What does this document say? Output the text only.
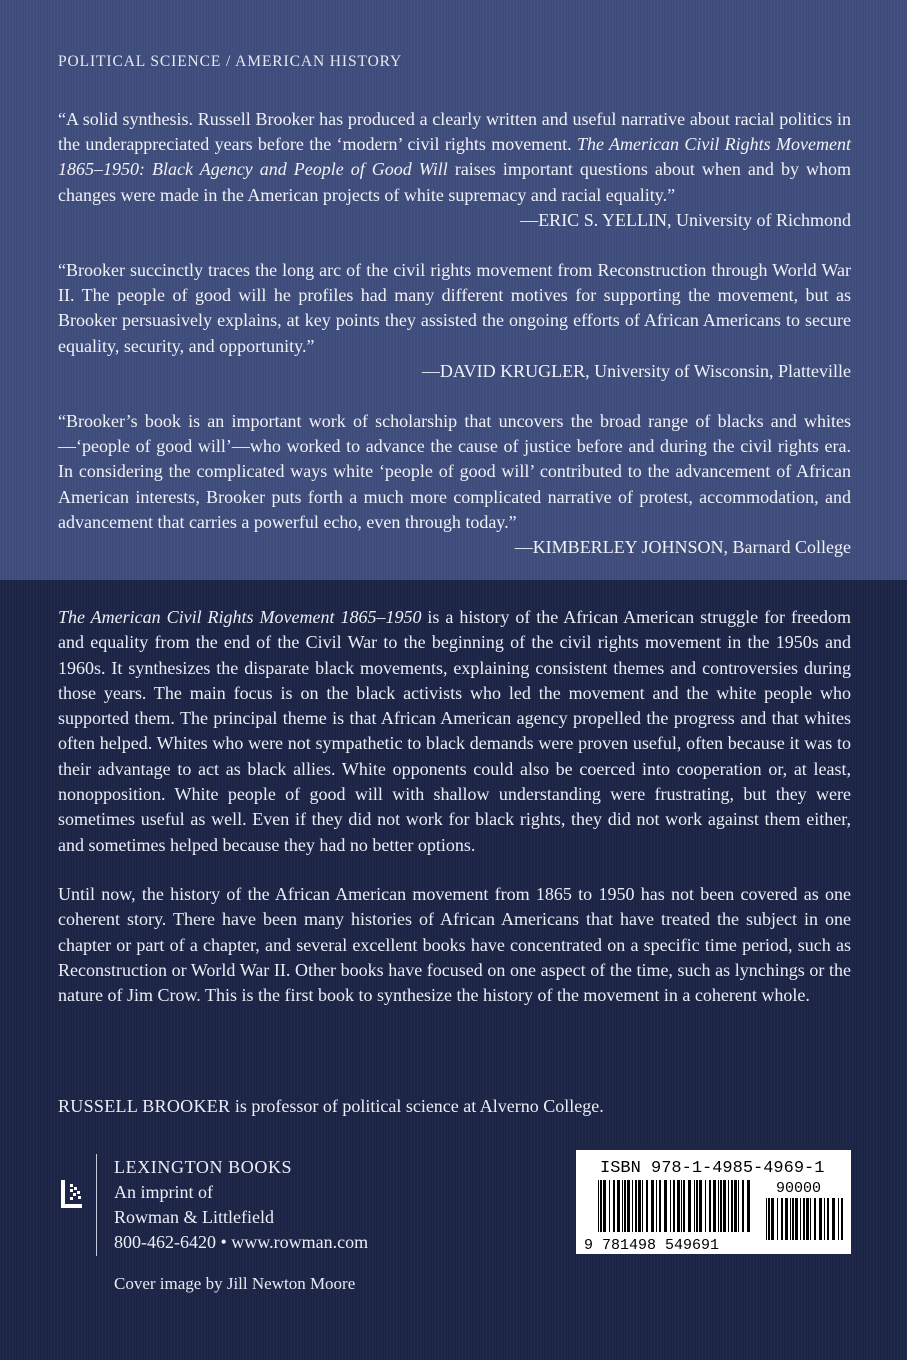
POLITICAL SCIENCE / AMERICAN HISTORY

“A solid synthesis. Russell Brooker has produced a clearly written and useful narrative about racial politics in the underappreciated years before the ‘modern’ civil rights movement. The American Civil Rights Movement 1865–1950: Black Agency and People of Good Will raises important questions about when and by whom changes were made in the American projects of white supremacy and racial equality.”

—ERIC S. YELLIN, University of Richmond

“Brooker succinctly traces the long arc of the civil rights movement from Reconstruction through World War II. The people of good will he profiles had many different motives for supporting the movement, but as Brooker persuasively explains, at key points they assisted the ongoing efforts of African Americans to secure equality, security, and opportunity.”

—DAVID KRUGLER, University of Wisconsin, Platteville

“Brooker’s book is an important work of scholarship that uncovers the broad range of blacks and whites—‘people of good will’—who worked to advance the cause of justice before and during the civil rights era. In considering the complicated ways white ‘people of good will’ contributed to the advancement of African American interests, Brooker puts forth a much more complicated narrative of protest, accommodation, and advancement that carries a powerful echo, even through today.”

—KIMBERLEY JOHNSON, Barnard College

The American Civil Rights Movement 1865–1950 is a history of the African American struggle for freedom and equality from the end of the Civil War to the beginning of the civil rights movement in the 1950s and 1960s. It synthesizes the disparate black movements, explaining consistent themes and controversies during those years. The main focus is on the black activists who led the movement and the white people who supported them. The principal theme is that African American agency propelled the progress and that whites often helped. Whites who were not sympathetic to black demands were proven useful, often because it was to their advantage to act as black allies. White opponents could also be coerced into cooperation or, at least, nonopposition. White people of good will with shallow understanding were frustrating, but they were sometimes useful as well. Even if they did not work for black rights, they did not work against them either, and sometimes helped because they had no better options.

Until now, the history of the African American movement from 1865 to 1950 has not been covered as one coherent story. There have been many histories of African Americans that have treated the subject in one chapter or part of a chapter, and several excellent books have concentrated on a specific time period, such as Reconstruction or World War II. Other books have focused on one aspect of the time, such as lynchings or the nature of Jim Crow. This is the first book to synthesize the history of the movement in a coherent whole.

RUSSELL BROOKER is professor of political science at Alverno College.
LEXINGTON BOOKS
An imprint of
Rowman & Littlefield
800-462-6420 • www.rowman.com
Cover image by Jill Newton Moore
ISBN 978-1-4985-4969-1
90000
9 781498 549691
